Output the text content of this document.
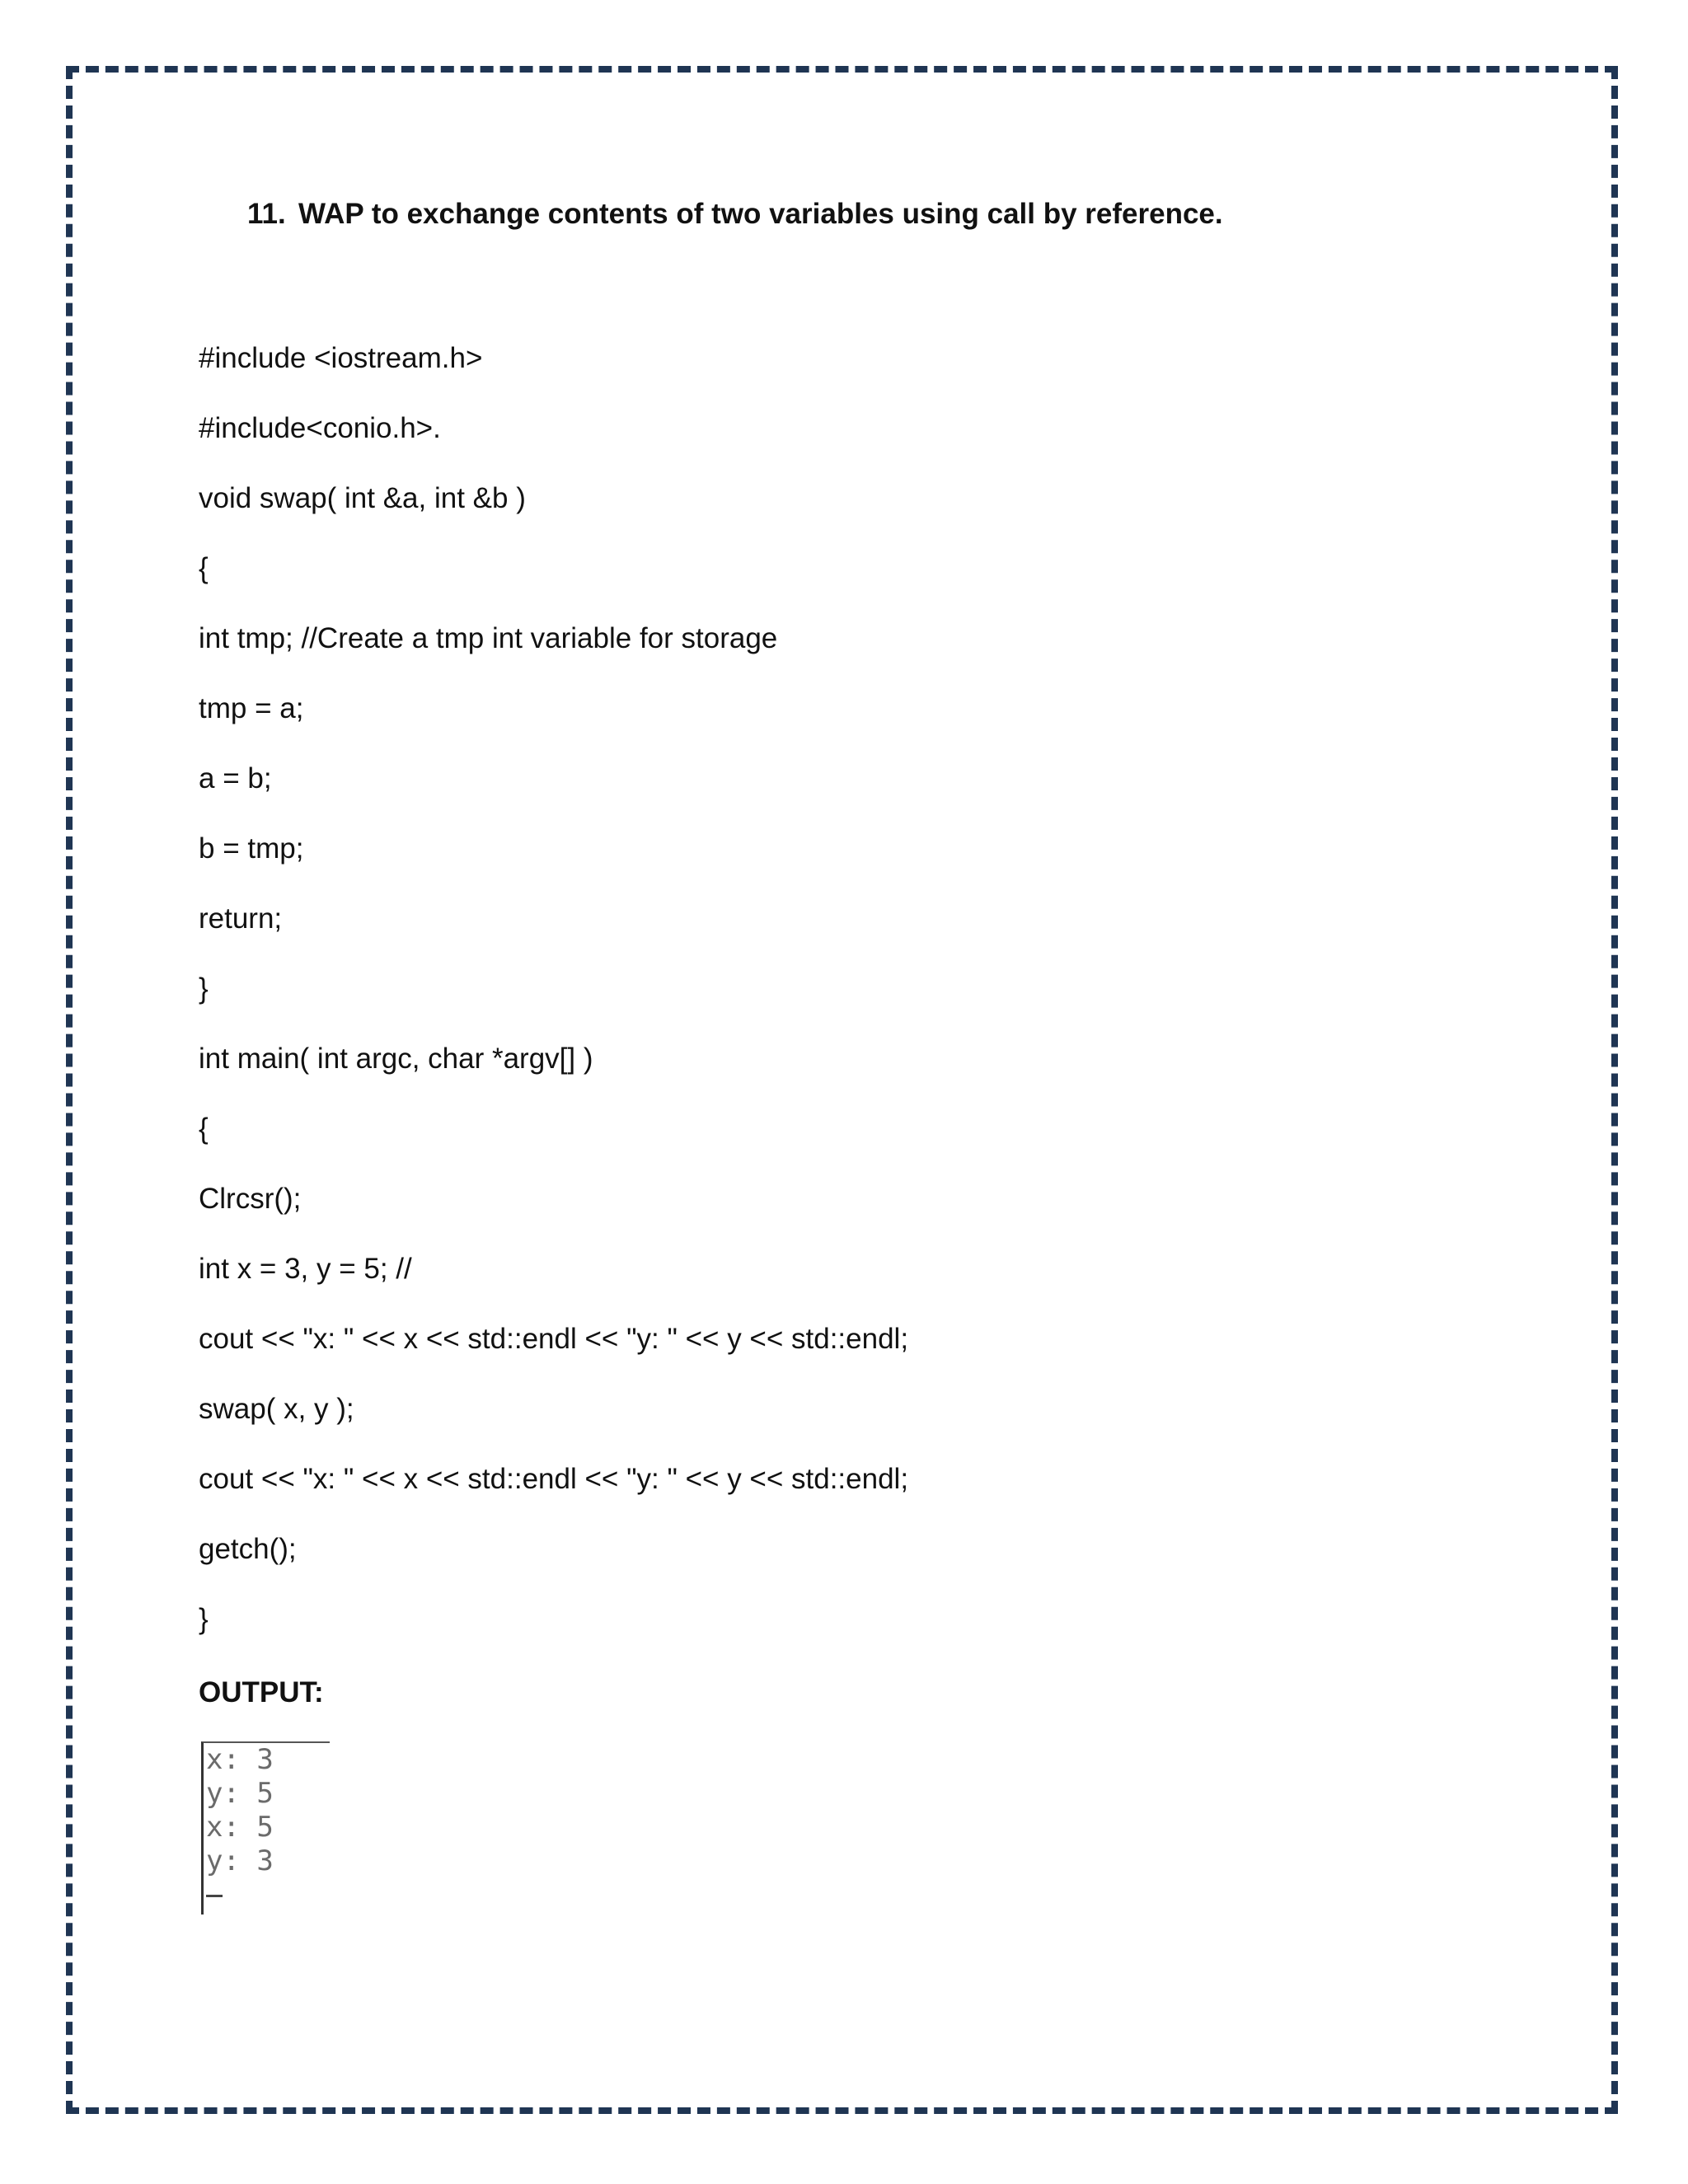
11. WAP to exchange contents of two variables using call by reference.
#include <iostream.h>
#include<conio.h>.
void swap( int &a, int &b )
{
int tmp; //Create a tmp int variable for storage
tmp = a;
a = b;
b = tmp;
return;
}
int main( int argc, char *argv[] )
{
Clrcsr();
int x = 3, y = 5; //
cout << "x: " << x << std::endl << "y: " << y << std::endl;
swap( x, y );
cout << "x: " << x << std::endl << "y: " << y << std::endl;
getch();
}
OUTPUT:
x: 3
y: 5
x: 5
y: 3
